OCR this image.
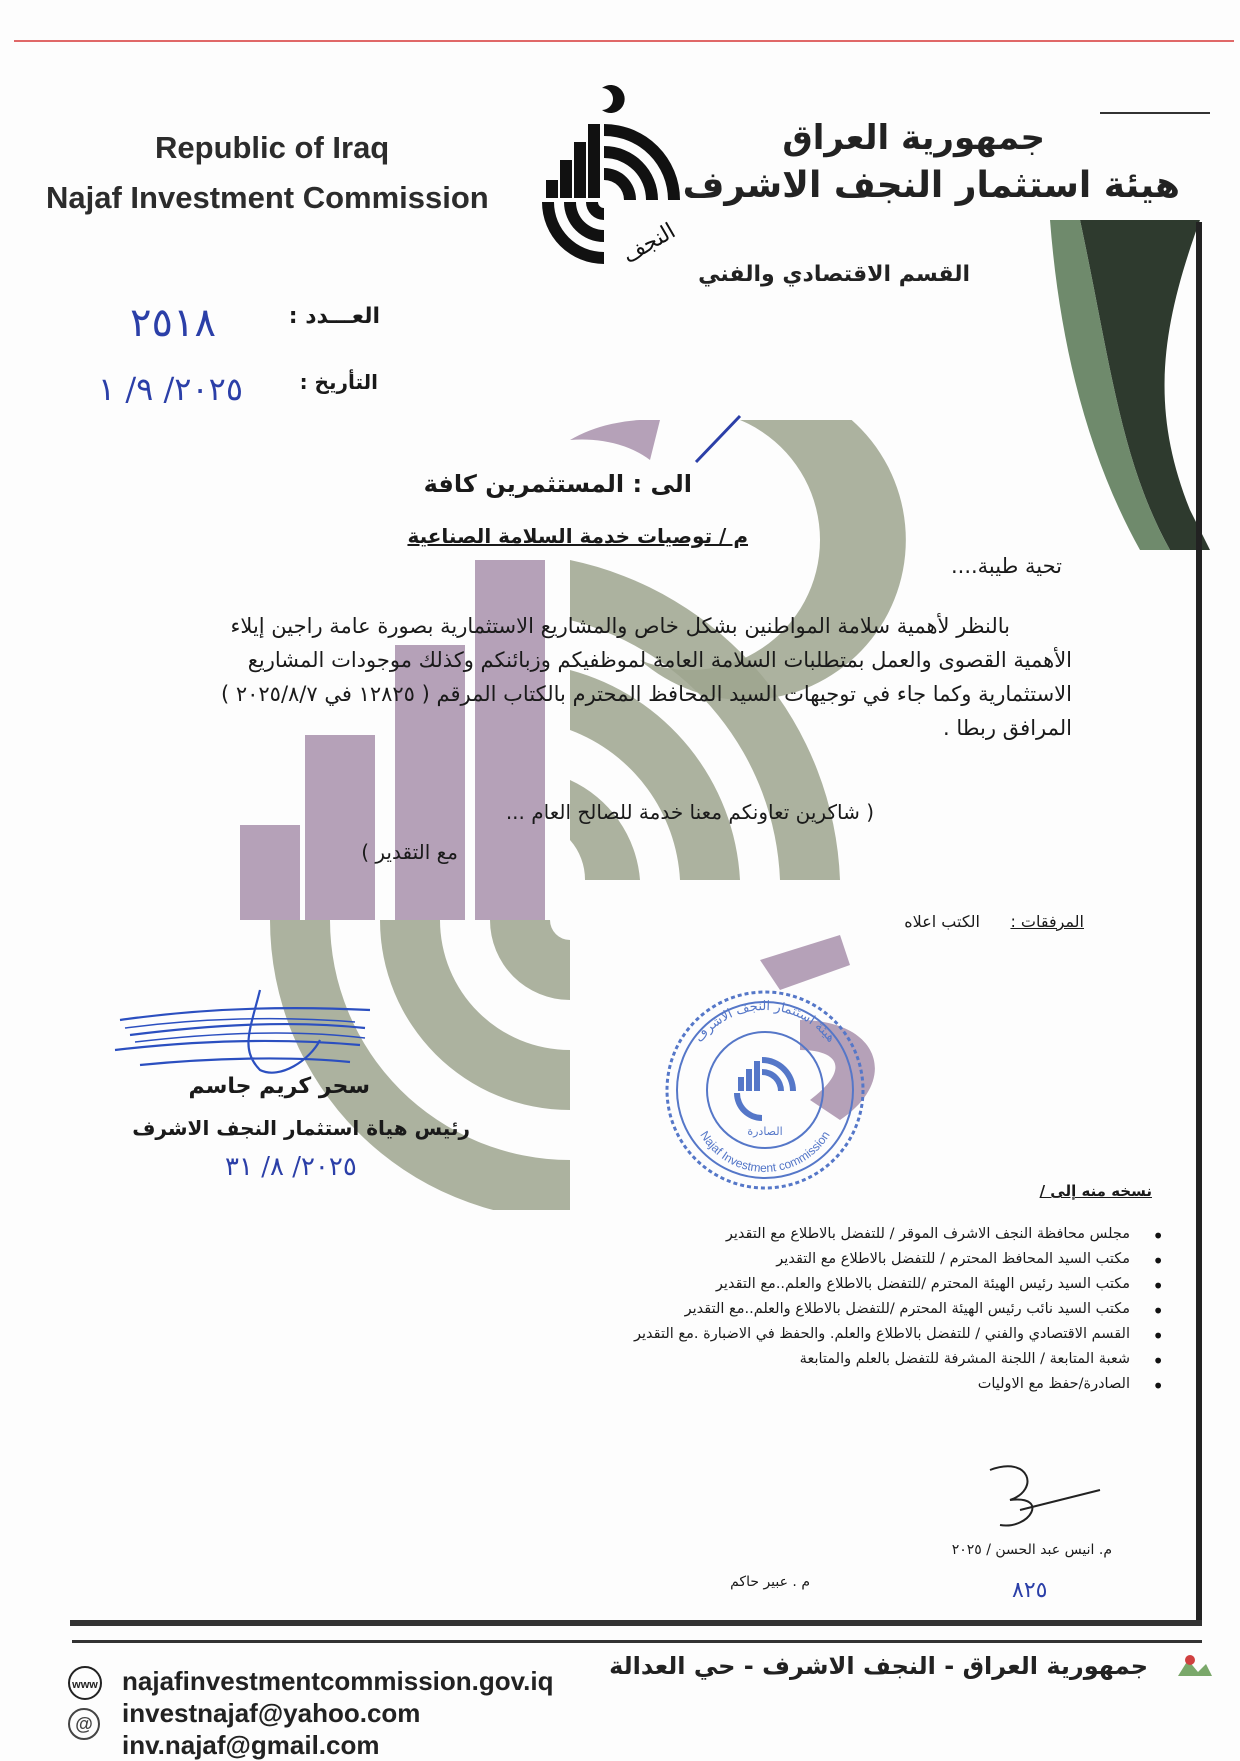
Republic of Iraq
Najaf Investment Commission
النجف
جمهورية العراق
هيئة استثمار النجف الاشرف
القسم الاقتصادي والفني
العـــدد :
٢٥١٨
التأريخ :
٢٠٢٥/ ٩/ ١
الى : المستثمرين كافة
م / توصيات خدمة السلامة الصناعية
تحية طيبة....
بالنظر لأهمية سلامة المواطنين بشكل خاص والمشاريع الاستثمارية بصورة عامة راجين إيلاء
الأهمية القصوى والعمل بمتطلبات السلامة العامة لموظفيكم وزبائنكم وكذلك موجودات المشاريع
الاستثمارية وكما جاء في توجيهات السيد المحافظ المحترم بالكتاب المرقم ( ١٢٨٢٥ في ٢٠٢٥/٨/٧ )
المرافق ربطا .
( شاكرين تعاونكم معنا خدمة للصالح العام ...
مع التقدير )
المرفقات :
الكتب اعلاه
سحر كريم جاسم
رئيس هياة استثمار النجف الاشرف
٢٠٢٥/ ٨/ ٣١
هيئة استثمار النجف الاشرف
Najaf Investment commission
الصادرة
نسخه منه إلى /
• مجلس محافظة النجف الاشرف الموقر / للتفضل بالاطلاع مع التقدير
• مكتب السيد المحافظ المحترم / للتفضل بالاطلاع مع التقدير
• مكتب السيد رئيس الهيئة المحترم /للتفضل بالاطلاع والعلم..مع التقدير
• مكتب السيد نائب رئيس الهيئة المحترم /للتفضل بالاطلاع والعلم..مع التقدير
• القسم الاقتصادي والفني / للتفضل بالاطلاع والعلم. والحفظ في الاضبارة .مع التقدير
• شعبة المتابعة / اللجنة المشرفة للتفضل بالعلم والمتابعة
• الصادرة/حفظ مع الاوليات
م. انيس عبد الحسن / ٢٠٢٥
م . عبير حاكم	٨٢٥
جمهورية العراق - النجف الاشرف - حي العدالة
www najafinvestmentcommission.gov.iq
@ investnajaf@yahoo.com
inv.najaf@gmail.com
